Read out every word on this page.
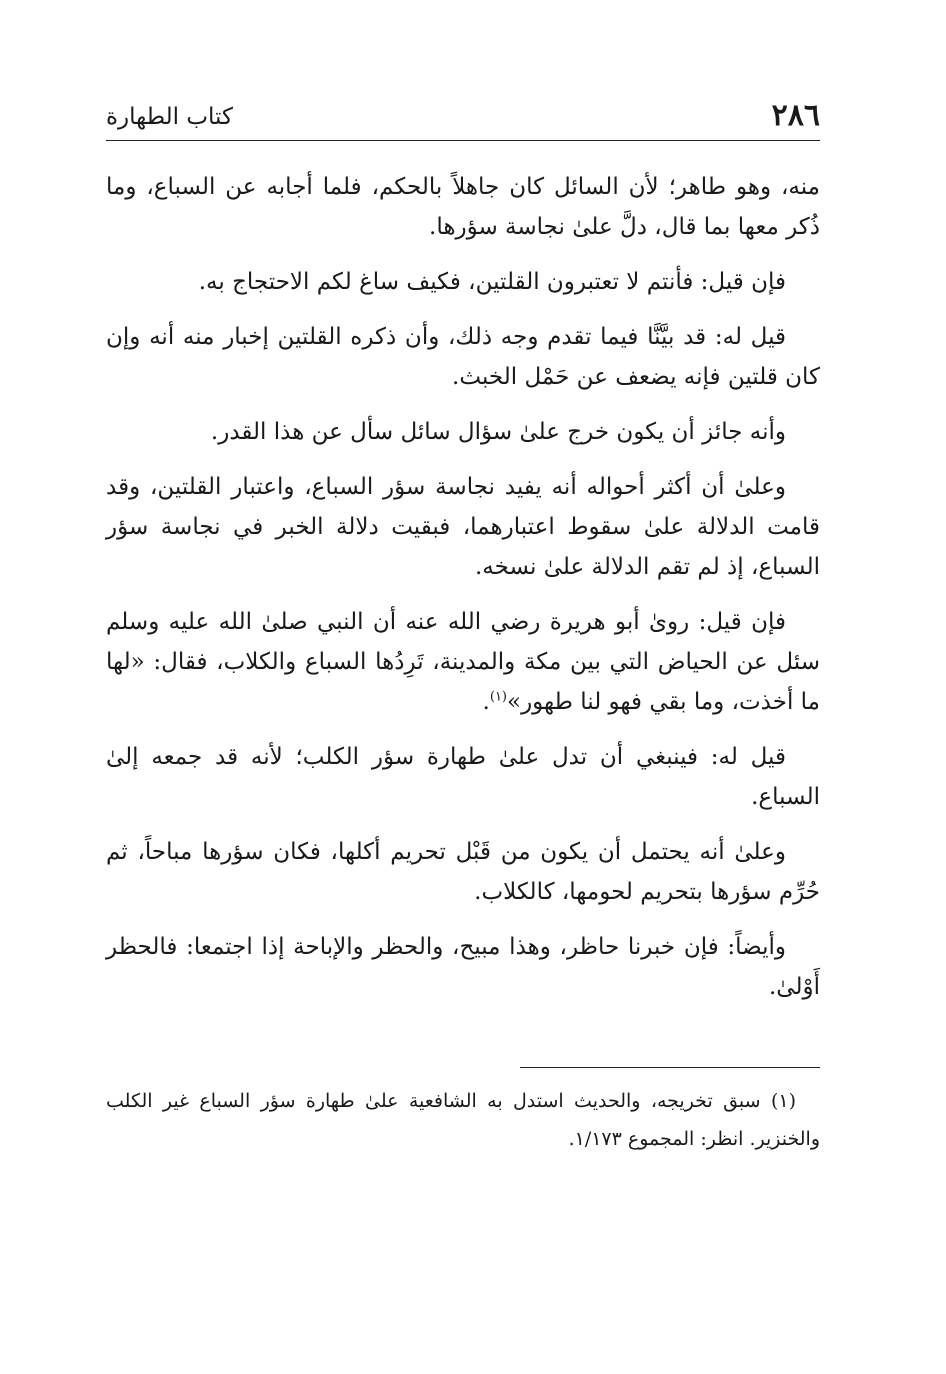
٢٨٦
كتاب الطهارة

منه، وهو طاهر؛ لأن السائل كان جاهلاً بالحكم، فلما أجابه عن السباع، وما ذُكر معها بما قال، دلَّ علىٰ نجاسة سؤرها.

فإن قيل: فأنتم لا تعتبرون القلتين، فكيف ساغ لكم الاحتجاج به.

قيل له: قد بيَّنَّا فيما تقدم وجه ذلك، وأن ذكره القلتين إخبار منه أنه وإن كان قلتين فإنه يضعف عن حَمْل الخبث.

وأنه جائز أن يكون خرج علىٰ سؤال سائل سأل عن هذا القدر.

وعلىٰ أن أكثر أحواله أنه يفيد نجاسة سؤر السباع، واعتبار القلتين، وقد قامت الدلالة علىٰ سقوط اعتبارهما، فبقيت دلالة الخبر في نجاسة سؤر السباع، إذ لم تقم الدلالة علىٰ نسخه.

فإن قيل: روىٰ أبو هريرة رضي الله عنه أن النبي صلىٰ الله عليه وسلم سئل عن الحياض التي بين مكة والمدينة، تَرِدُها السباع والكلاب، فقال: «لها ما أخذت، وما بقي فهو لنا طهور»$^{(١)}$.

قيل له: فينبغي أن تدل علىٰ طهارة سؤر الكلب؛ لأنه قد جمعه إلىٰ السباع.

وعلىٰ أنه يحتمل أن يكون من قَبْل تحريم أكلها، فكان سؤرها مباحاً، ثم حُرِّم سؤرها بتحريم لحومها، كالكلاب.

وأيضاً: فإن خبرنا حاظر، وهذا مبيح، والحظر والإباحة إذا اجتمعا: فالحظر أَوْلىٰ.

(١) سبق تخريجه، والحديث استدل به الشافعية علىٰ طهارة سؤر السباع غير الكلب والخنزير. انظر: المجموع ١/١٧٣.
